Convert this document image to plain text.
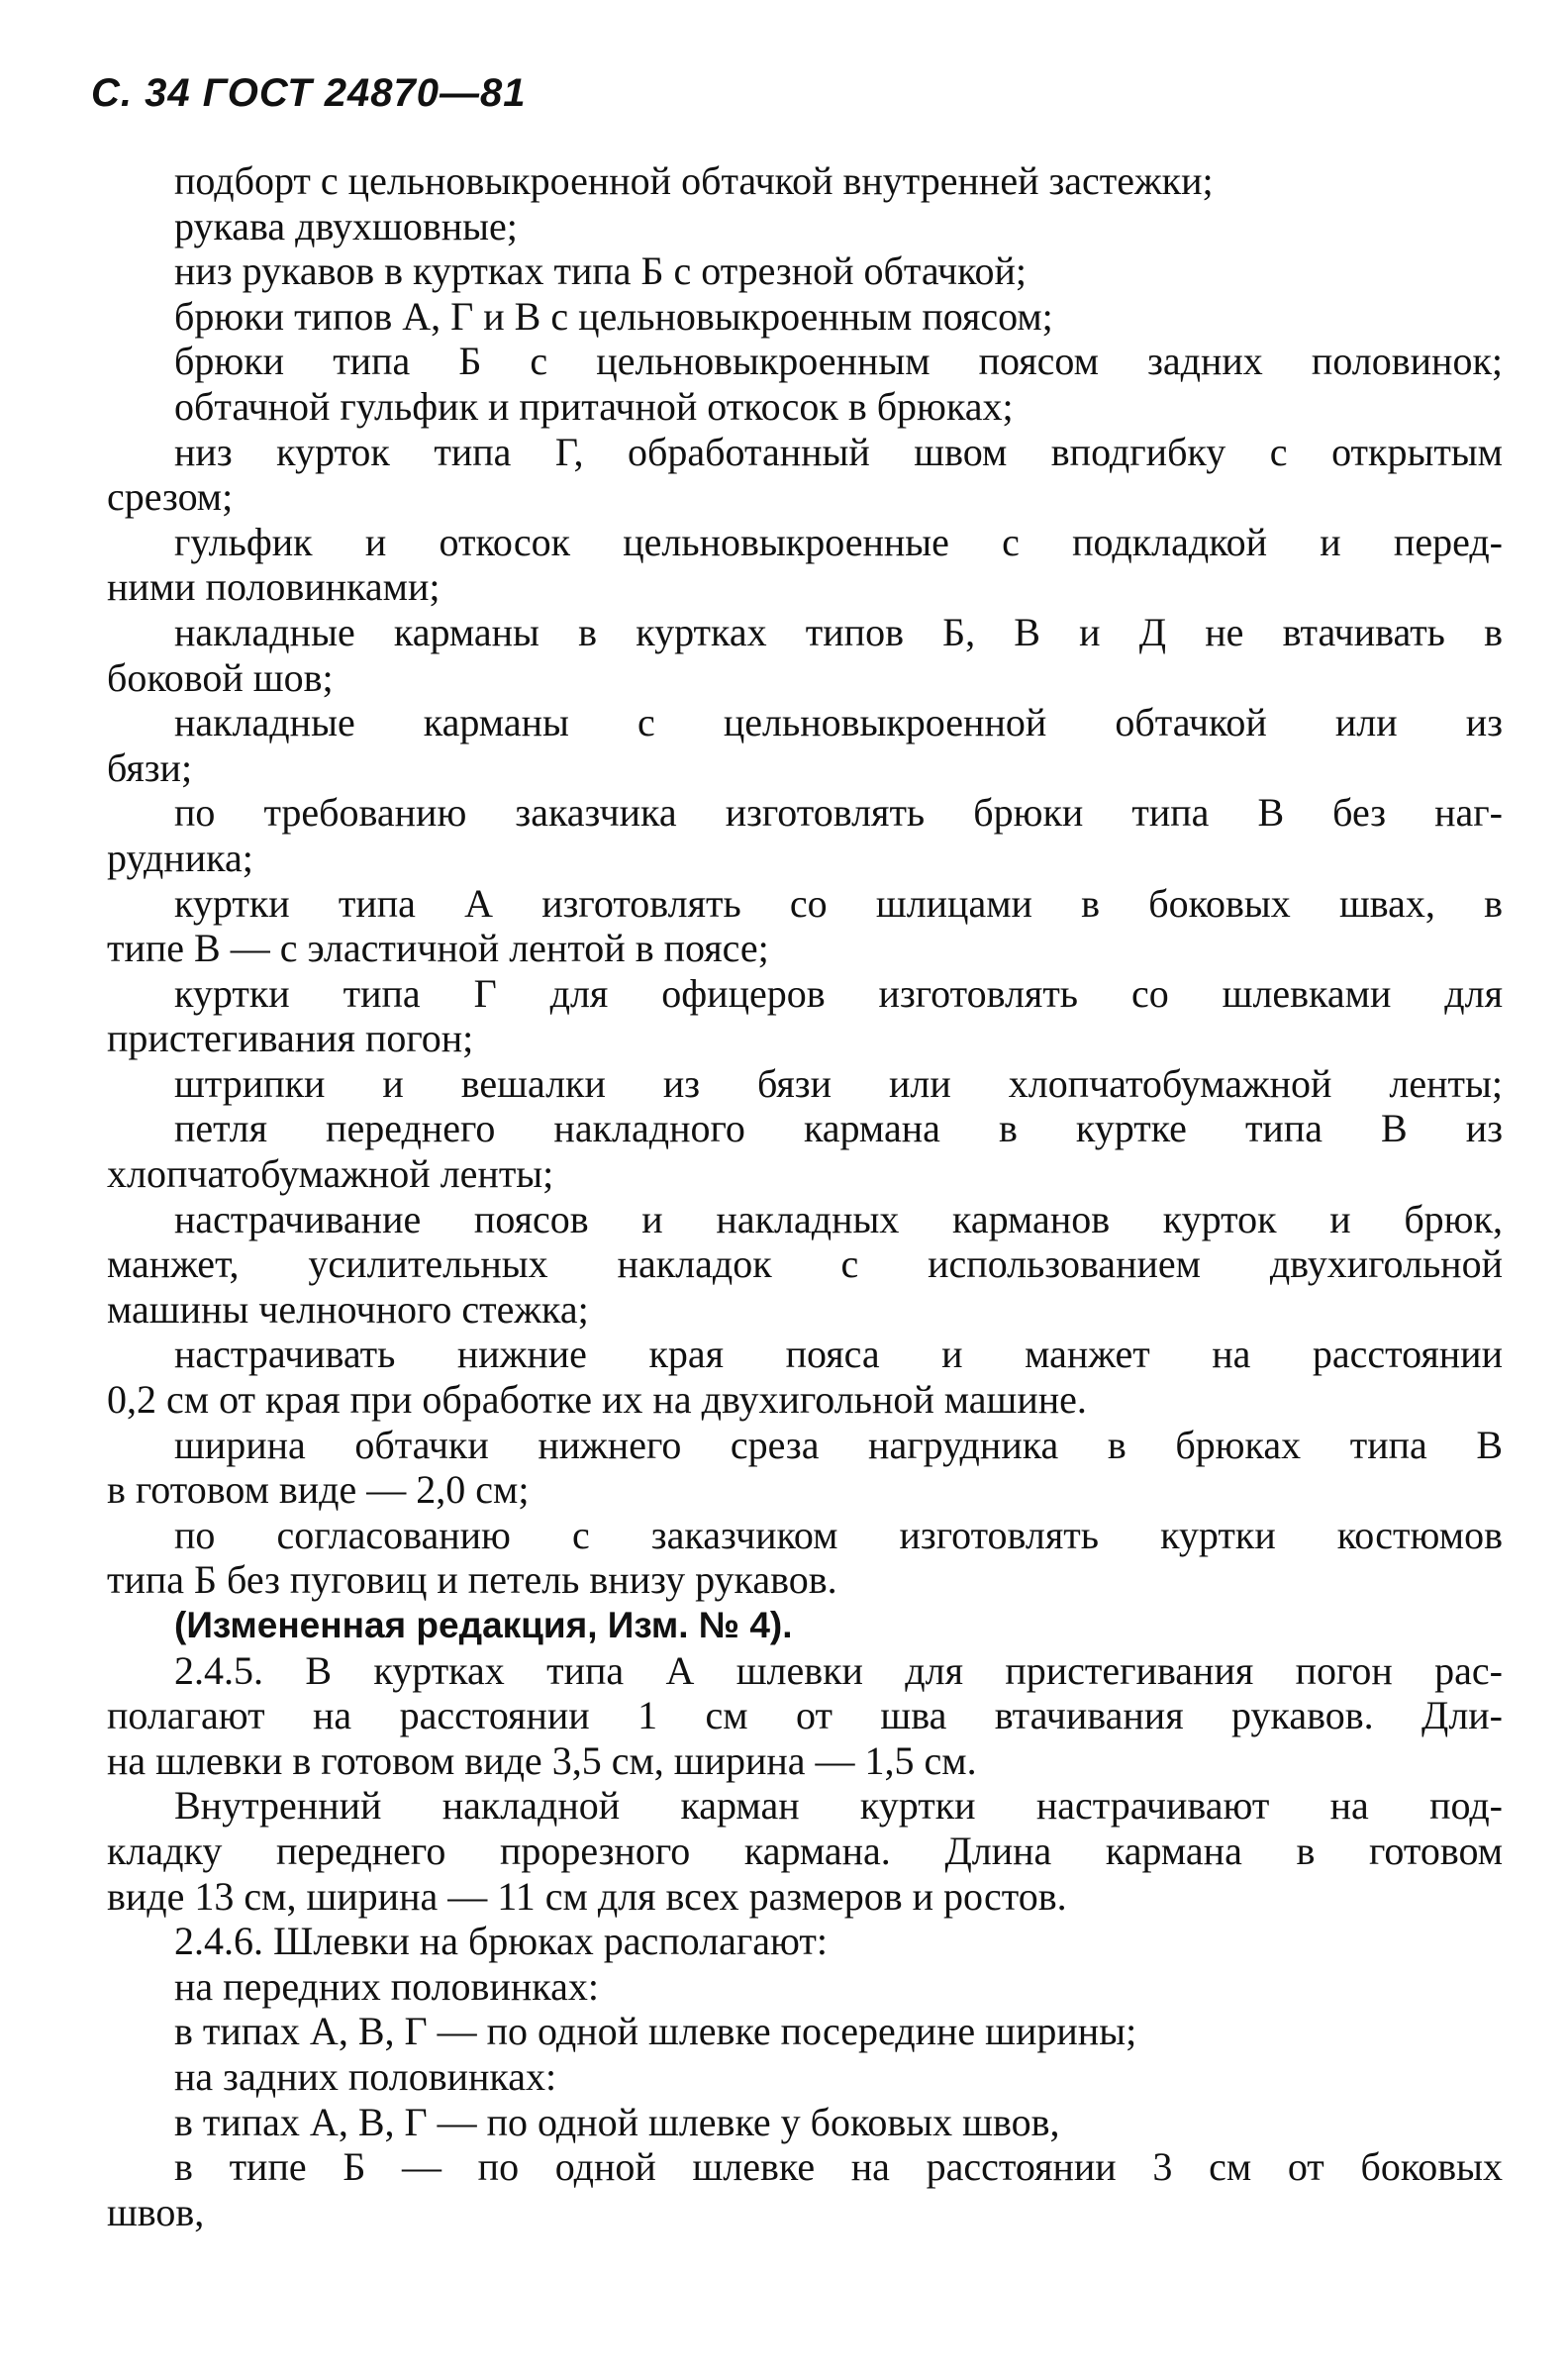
С. 34 ГОСТ 24870—81
подборт с цельновыкроенной обтачкой внутренней застежки;
рукава двухшовные;
низ рукавов в куртках типа Б с отрезной обтачкой;
брюки типов А, Г и В с цельновыкроенным поясом;
брюки типа Б с цельновыкроенным поясом задних половинок;
обтачной гульфик и притачной откосок в брюках;
низ курток типа Г, обработанный швом вподгибку с открытым
срезом;
гульфик и откосок цельновыкроенные с подкладкой и перед-
ними половинками;
накладные карманы в куртках типов Б, В и Д не втачивать в
боковой шов;
накладные карманы с цельновыкроенной обтачкой или из
бязи;
по требованию заказчика изготовлять брюки типа В без наг-
рудника;
куртки типа А изготовлять со шлицами в боковых швах, в
типе В — с эластичной лентой в поясе;
куртки типа Г для офицеров изготовлять со шлевками для
пристегивания погон;
штрипки и вешалки из бязи или хлопчатобумажной ленты;
петля переднего накладного кармана в куртке типа В из
хлопчатобумажной ленты;
настрачивание поясов и накладных карманов курток и брюк,
манжет, усилительных накладок с использованием двухигольной
машины челночного стежка;
настрачивать нижние края пояса и манжет на расстоянии
0,2 см от края при обработке их на двухигольной машине.
ширина обтачки нижнего среза нагрудника в брюках типа В
в готовом виде — 2,0 см;
по согласованию с заказчиком изготовлять куртки костюмов
типа Б без пуговиц и петель внизу рукавов.
(Измененная редакция, Изм. № 4).
2.4.5. В куртках типа А шлевки для пристегивания погон рас-
полагают на расстоянии 1 см от шва втачивания рукавов. Дли-
на шлевки в готовом виде 3,5 см, ширина — 1,5 см.
Внутренний накладной карман куртки настрачивают на под-
кладку переднего прорезного кармана. Длина кармана в готовом
виде 13 см, ширина — 11 см для всех размеров и ростов.
2.4.6. Шлевки на брюках располагают:
на передних половинках:
в типах А, В, Г — по одной шлевке посередине ширины;
на задних половинках:
в типах А, В, Г — по одной шлевке у боковых швов,
в типе Б — по одной шлевке на расстоянии 3 см от боковых
швов,
